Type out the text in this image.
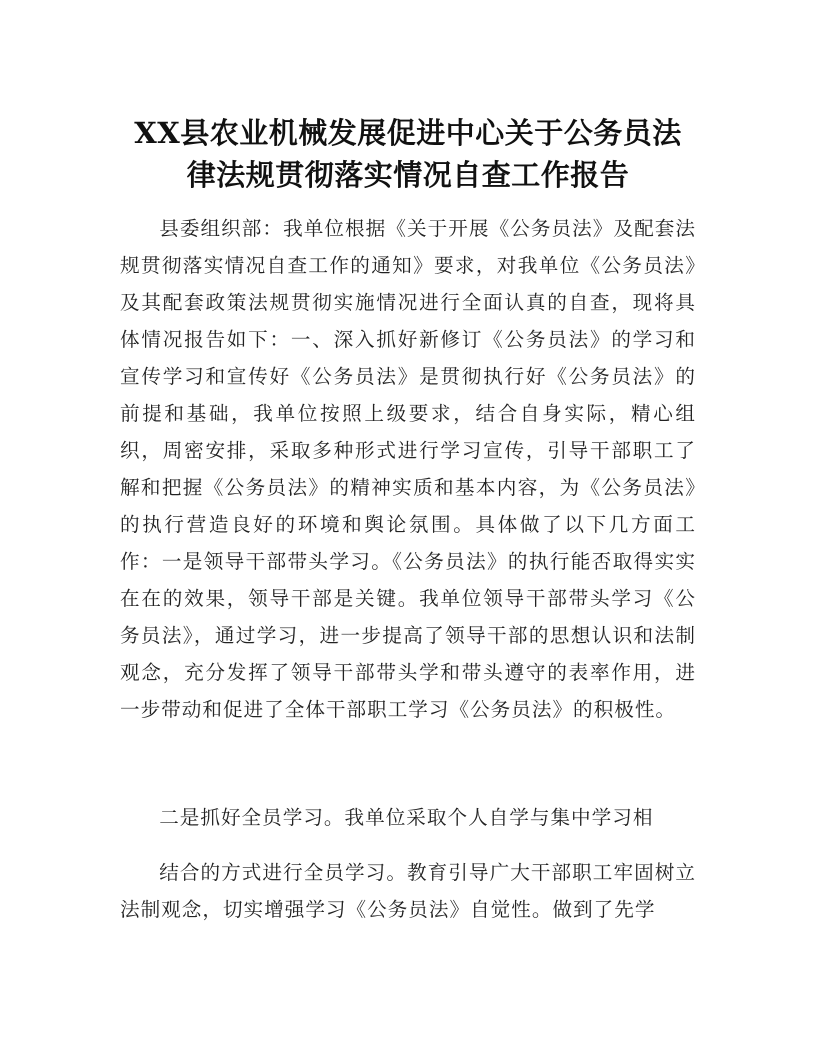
XX县农业机械发展促进中心关于公务员法
律法规贯彻落实情况自查工作报告

县委组织部：我单位根据《关于开展《公务员法》及配套法规贯彻落实情况自查工作的通知》要求，对我单位《公务员法》及其配套政策法规贯彻实施情况进行全面认真的自查，现将具体情况报告如下：一、深入抓好新修订《公务员法》的学习和宣传学习和宣传好《公务员法》是贯彻执行好《公务员法》的前提和基础，我单位按照上级要求，结合自身实际，精心组织，周密安排，采取多种形式进行学习宣传，引导干部职工了解和把握《公务员法》的精神实质和基本内容，为《公务员法》的执行营造良好的环境和舆论氛围。具体做了以下几方面工作：一是领导干部带头学习。《公务员法》的执行能否取得实实在在的效果，领导干部是关键。我单位领导干部带头学习《公务员法》，通过学习，进一步提高了领导干部的思想认识和法制观念，充分发挥了领导干部带头学和带头遵守的表率作用，进一步带动和促进了全体干部职工学习《公务员法》的积极性。

二是抓好全员学习。我单位采取个人自学与集中学习相

结合的方式进行全员学习。教育引导广大干部职工牢固树立法制观念，切实增强学习《公务员法》自觉性。做到了先学
